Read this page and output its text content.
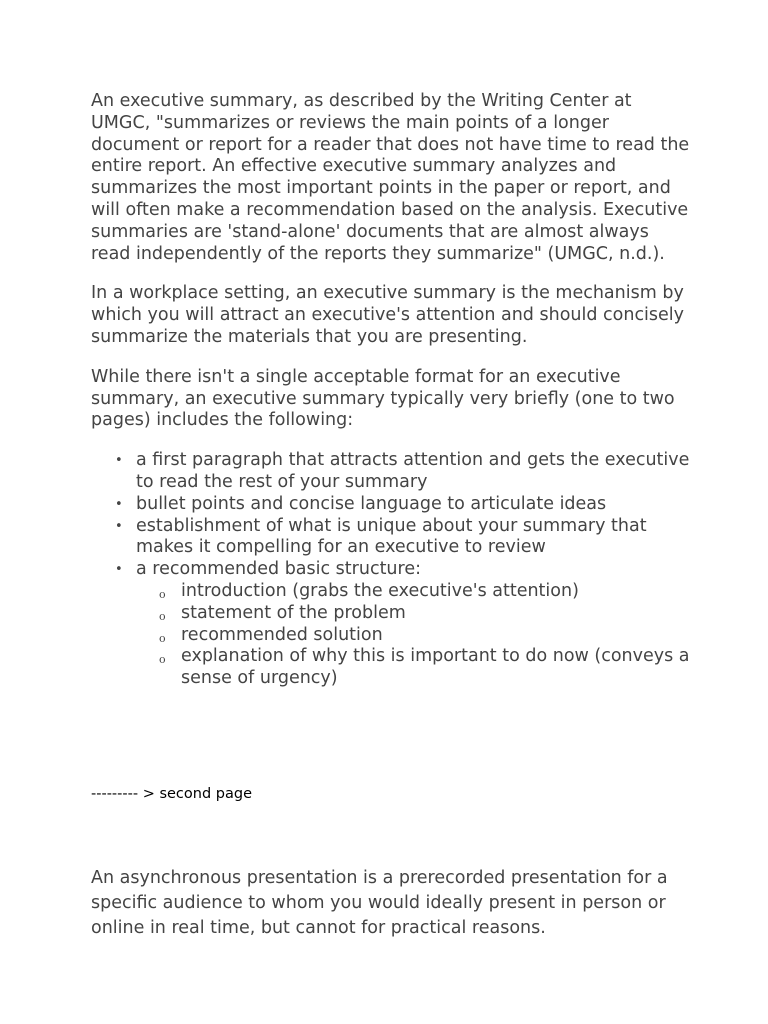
An executive summary, as described by the Writing Center at UMGC, "summarizes or reviews the main points of a longer document or report for a reader that does not have time to read the entire report. An effective executive summary analyzes and summarizes the most important points in the paper or report, and will often make a recommendation based on the analysis. Executive summaries are 'stand-alone' documents that are almost always read independently of the reports they summarize" (UMGC, n.d.).

In a workplace setting, an executive summary is the mechanism by which you will attract an executive's attention and should concisely summarize the materials that you are presenting.

While there isn't a single acceptable format for an executive summary, an executive summary typically very briefly (one to two pages) includes the following:

• a first paragraph that attracts attention and gets the executive to read the rest of your summary
• bullet points and concise language to articulate ideas
• establishment of what is unique about your summary that makes it compelling for an executive to review
• a recommended basic structure:
o introduction (grabs the executive's attention)
o statement of the problem
o recommended solution
o explanation of why this is important to do now (conveys a sense of urgency)
--------- > second page

An asynchronous presentation is a prerecorded presentation for a specific audience to whom you would ideally present in person or online in real time, but cannot for practical reasons.
